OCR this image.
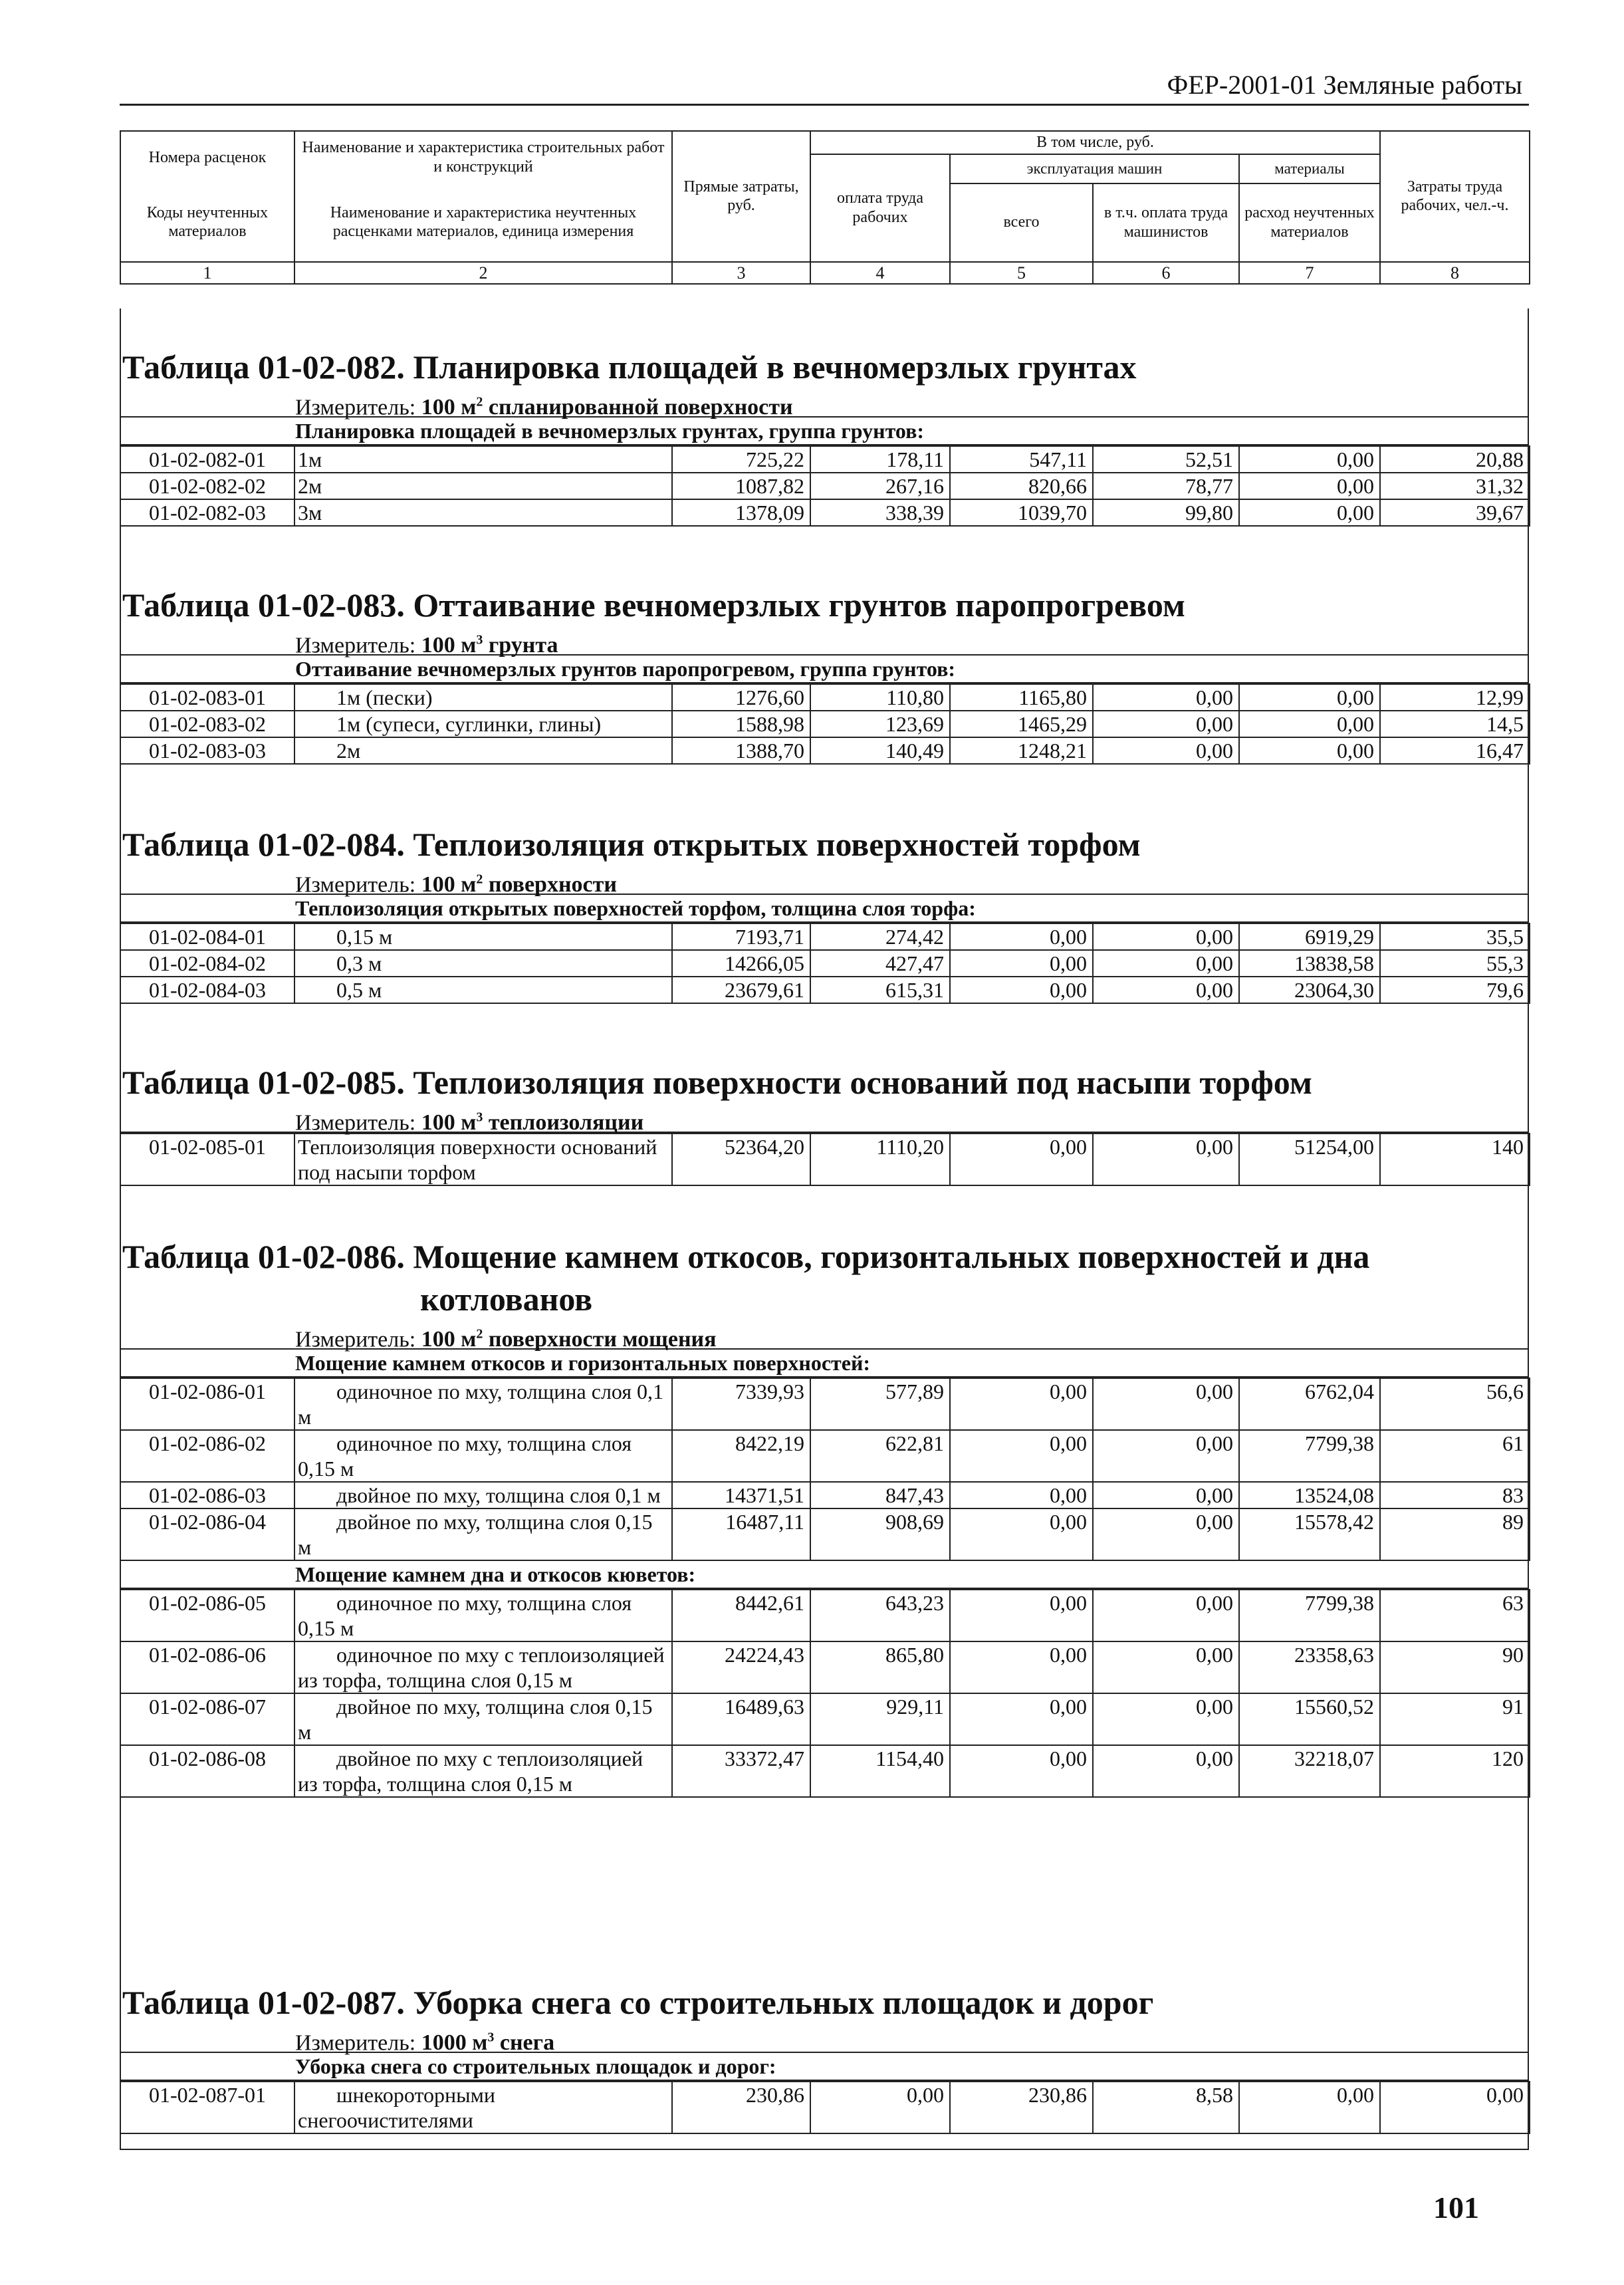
ФЕР-2001-01 Земляные работы
Номера расценок	Наименование и характеристика строительных работ и конструкций	Прямые затраты, руб.	В том числе, руб.				Затраты труда рабочих, чел.-ч.
			оплата труда рабочих	эксплуатация машин		материалы	
Коды неучтенных материалов	Наименование и характеристика неучтенных расценками материалов, единица измерения			всего	в т.ч. оплата труда машинистов	расход неучтенных материалов	

1	2	3	4	5	6	7	8
Таблица 01-02-082. Планировка площадей в вечномерзлых грунтах
Измеритель: 100 $м^2$ спланированной поверхности
Планировка площадей в вечномерзлых грунтах, группа грунтов:
01-02-082-01	1м	725,22	178,11	547,11	52,51	0,00	20,88
01-02-082-02	2м	1087,82	267,16	820,66	78,77	0,00	31,32
01-02-082-03	3м	1378,09	338,39	1039,70	99,80	0,00	39,67
Таблица 01-02-083. Оттаивание вечномерзлых грунтов паропрогревом
Измеритель: 100 $м^3$ грунта
Оттаивание вечномерзлых грунтов паропрогревом, группа грунтов:
01-02-083-01	1м (пески)	1276,60	110,80	1165,80	0,00	0,00	12,99
01-02-083-02	1м (супеси, суглинки, глины)	1588,98	123,69	1465,29	0,00	0,00	14,5
01-02-083-03	2м	1388,70	140,49	1248,21	0,00	0,00	16,47
Таблица 01-02-084. Теплоизоляция открытых поверхностей торфом
Измеритель: 100 $м^2$ поверхности
Теплоизоляция открытых поверхностей торфом, толщина слоя торфа:
01-02-084-01	0,15 м	7193,71	274,42	0,00	0,00	6919,29	35,5
01-02-084-02	0,3 м	14266,05	427,47	0,00	0,00	13838,58	55,3
01-02-084-03	0,5 м	23679,61	615,31	0,00	0,00	23064,30	79,6
Таблица 01-02-085. Теплоизоляция поверхности оснований под насыпи торфом
Измеритель: 100 $м^3$ теплоизоляции
01-02-085-01	Теплоизоляция поверхности оснований под насыпи торфом	52364,20	1110,20	0,00	0,00	51254,00	140
Таблица 01-02-086. Мощение камнем откосов, горизонтальных поверхностей и дна
котлованов
Измеритель: 100 $м^2$ поверхности мощения
Мощение камнем откосов и горизонтальных поверхностей:
01-02-086-01	одиночное по мху, толщина слоя 0,1 м	7339,93	577,89	0,00	0,00	6762,04	56,6
01-02-086-02	одиночное по мху, толщина слоя 0,15 м	8422,19	622,81	0,00	0,00	7799,38	61
01-02-086-03	двойное по мху, толщина слоя 0,1 м	14371,51	847,43	0,00	0,00	13524,08	83
01-02-086-04	двойное по мху, толщина слоя 0,15 м	16487,11	908,69	0,00	0,00	15578,42	89
Мощение камнем дна и откосов кюветов:
01-02-086-05	одиночное по мху, толщина слоя 0,15 м	8442,61	643,23	0,00	0,00	7799,38	63
01-02-086-06	одиночное по мху с теплоизоляцией из торфа, толщина слоя 0,15 м	24224,43	865,80	0,00	0,00	23358,63	90
01-02-086-07	двойное по мху, толщина слоя 0,15 м	16489,63	929,11	0,00	0,00	15560,52	91
01-02-086-08	двойное по мху с теплоизоляцией из торфа, толщина слоя 0,15 м	33372,47	1154,40	0,00	0,00	32218,07	120
Таблица 01-02-087. Уборка снега со строительных площадок и дорог
Измеритель: 1000 $м^3$ снега
Уборка снега со строительных площадок и дорог:
01-02-087-01	шнекороторными снегоочистителями	230,86	0,00	230,86	8,58	0,00	0,00
101
